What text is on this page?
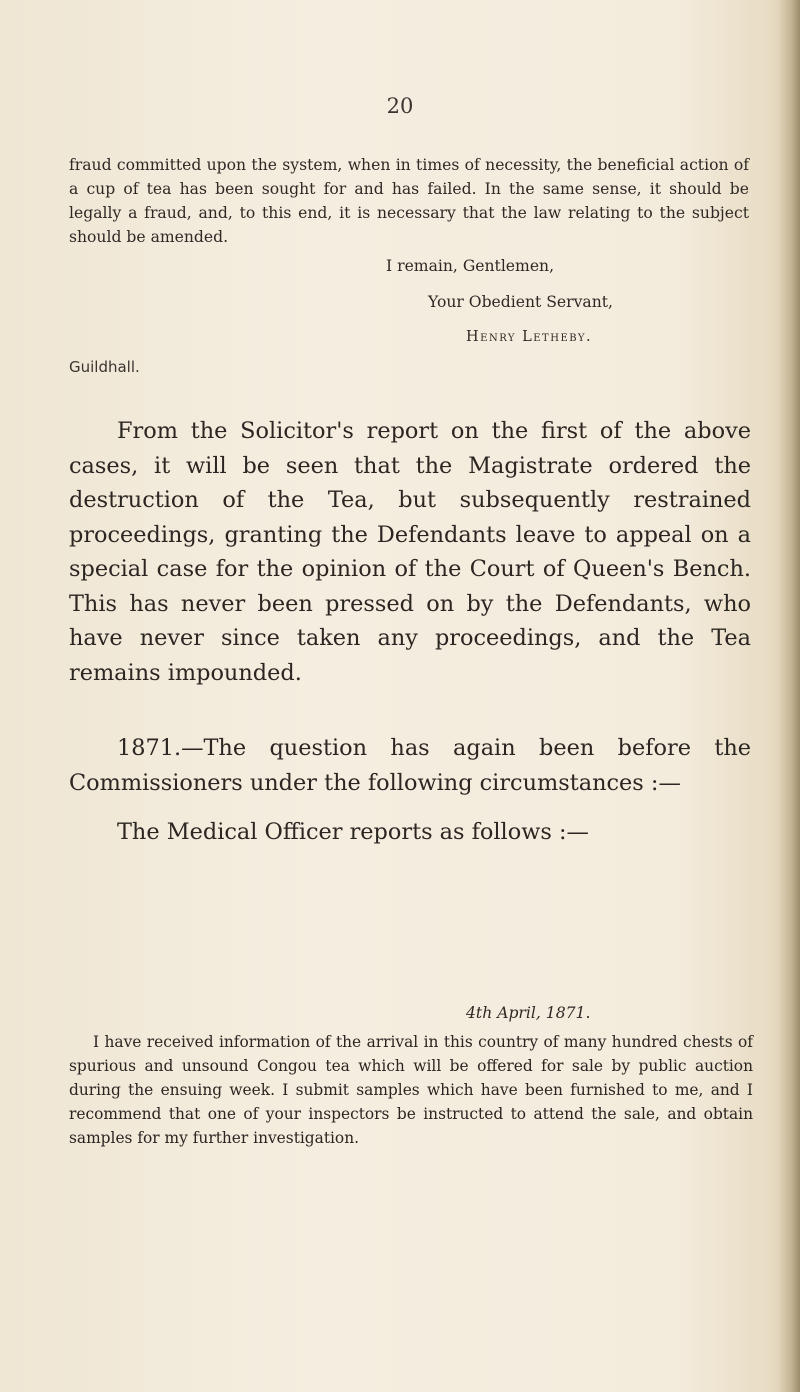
20

fraud committed upon the system, when in times of necessity, the beneficial action of a cup of tea has been sought for and has failed. In the same sense, it should be legally a fraud, and, to this end, it is necessary that the law relating to the subject should be amended.

I remain, Gentlemen,
Your Obedient Servant,
Henry Letheby.
Guildhall.

From the Solicitor's report on the first of the above cases, it will be seen that the Magistrate ordered the destruction of the Tea, but subsequently restrained proceedings, granting the Defendants leave to appeal on a special case for the opinion of the Court of Queen's Bench. This has never been pressed on by the Defendants, who have never since taken any proceedings, and the Tea remains impounded.

1871.—The question has again been before the Commissioners under the following circumstances :—

The Medical Officer reports as follows :—

4th April, 1871.

I have received information of the arrival in this country of many hundred chests of spurious and unsound Congou tea which will be offered for sale by public auction during the ensuing week. I submit samples which have been furnished to me, and I recommend that one of your inspectors be instructed to attend the sale, and obtain samples for my further investigation.
